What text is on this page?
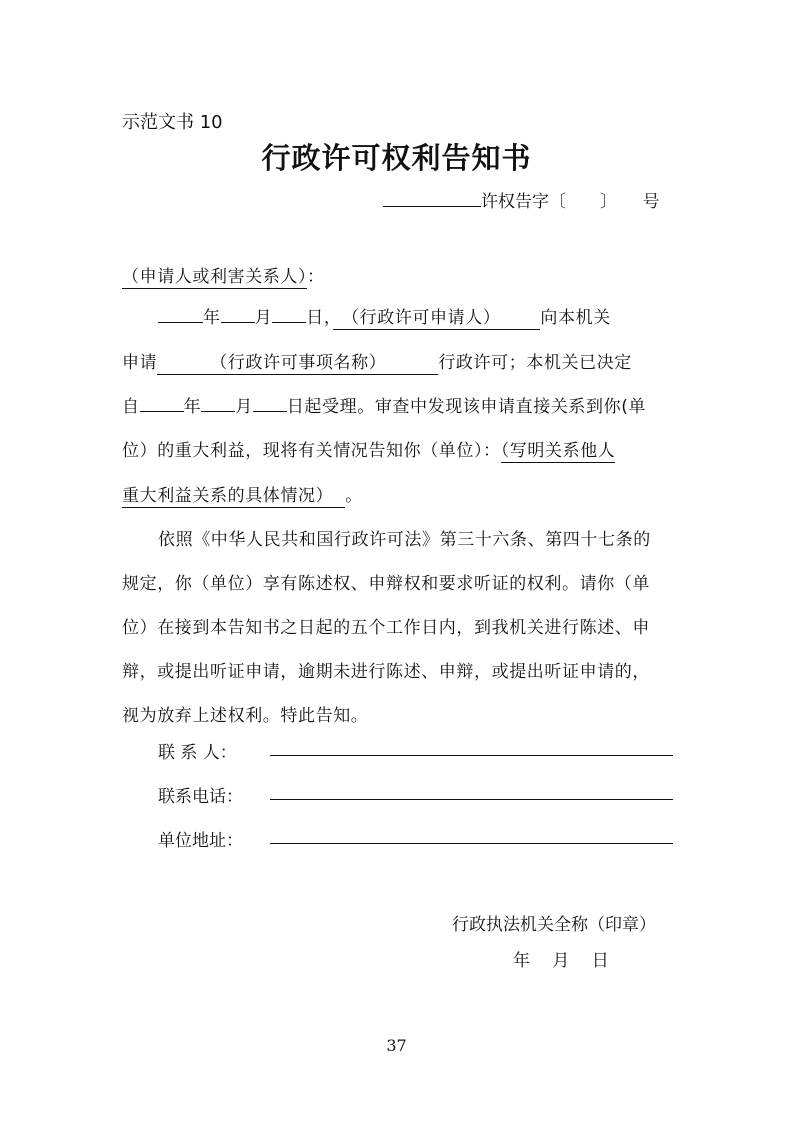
示范文书 10
行政许可权利告知书
许权告字〔　　〕　　号
（申请人或利害关系人）：
年 月 日，　（行政许可申请人） 向本机关
申请	　（行政许可事项名称）	行政许可；本机关已决定
自	年 月 日起受理。审查中发现该申请直接关系到你(单
位）的重大利益，现将有关情况告知你（单位）：（写明关系他人
重大利益关系的具体情况） 。
依照《中华人民共和国行政许可法》第三十六条、第四十七条的
规定，你（单位）享有陈述权、申辩权和要求听证的权利。请你（单
位）在接到本告知书之日起的五个工作日内，到我机关进行陈述、申
辩，或提出听证申请，逾期未进行陈述、申辩，或提出听证申请的，
视为放弃上述权利。特此告知。
联 系 人：
联系电话：
单位地址：
行政执法机关全称（印章）
年　 月　 日
37
